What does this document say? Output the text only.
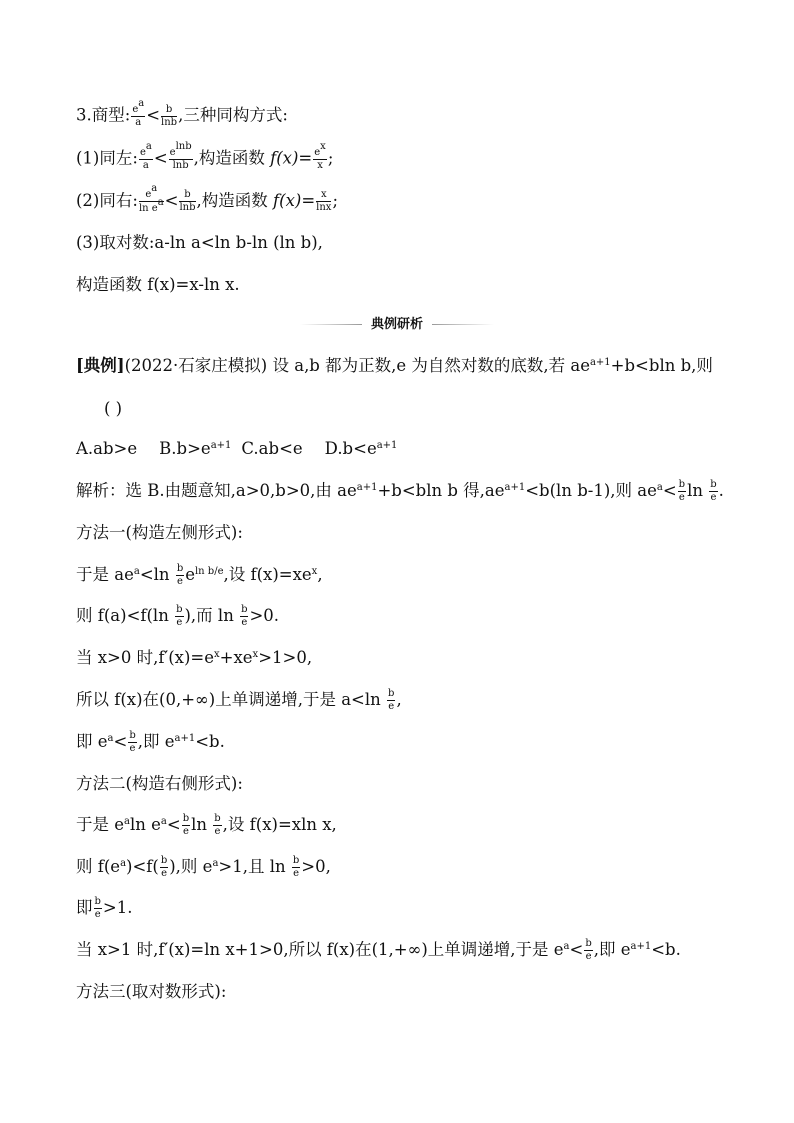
3.商型: $\frac{e^a}{a} < \frac{b}{\ln b}$ ,三种同构方式:
(1)同左: $\frac{e^a}{a} < \frac{e^{lnb}}{\ln b}$ ,构造函数 $f(x)= \frac{e^x}{x}$ ;
(2)同右: $\frac{e^a}{\ln e^a} < \frac{b}{\ln b}$ ,构造函数 $f(x)= \frac{x}{\ln x}$ ;
(3)取对数:a-ln a<ln b-ln (ln b),
构造函数 f(x)=x-ln x.
典例研析
[典例](2022·石家庄模拟) 设 a,b 都为正数,e 为自然对数的底数,若 $ae^{a+1}+b<bln$ b,则
( )
A.ab>e $B.b>e^{a+1}$ C.ab<e $D.b<e^{a+1}$
解析：选 B.由题意知,a>0,b>0,由 $ae^{a+1}+b<bln$ b 得$,ae^{a+1}<b(\ln$ b-1),则 $ae^a< \frac{b}{e}$ $\ln \frac{b}{e}$ .
方法一(构造左侧形式):
于是 $ae^a<\ln \frac{b}{e} e^{ln b/e}$,设 $f(x)=xe^x$,
则 $f(a)<f(\ln \frac{b}{e}$ ),而 $\ln \frac{b}{e} >0$.
当 x>0 时$,f'(x)=e^x+xe^x>1>0$,
所以 f(x)在(0,+∞)上单调递增,于是 $a<\ln \frac{b}{e}$ ,
即 $e^a< \frac{b}{e}$ ,即 $e^{a+1}<b$.
方法二(构造右侧形式):
于是 $e^a\ln$ $e^a< \frac{b}{e}$ $\ln \frac{b}{e}$ ,设 f(x)=xln x,
则 $f(e^a)<f( \frac{b}{e}$ ),则 $e^a>1$,且 $\ln \frac{b}{e} >0$,
即 $\frac{b}{e} >1$.
当 x>1 时,f′(x)=ln x+1>0,所以 f(x)在(1,+∞)上单调递增,于是 $e^a< \frac{b}{e}$ ,即 $e^{a+1}<b$.
方法三(取对数形式):
